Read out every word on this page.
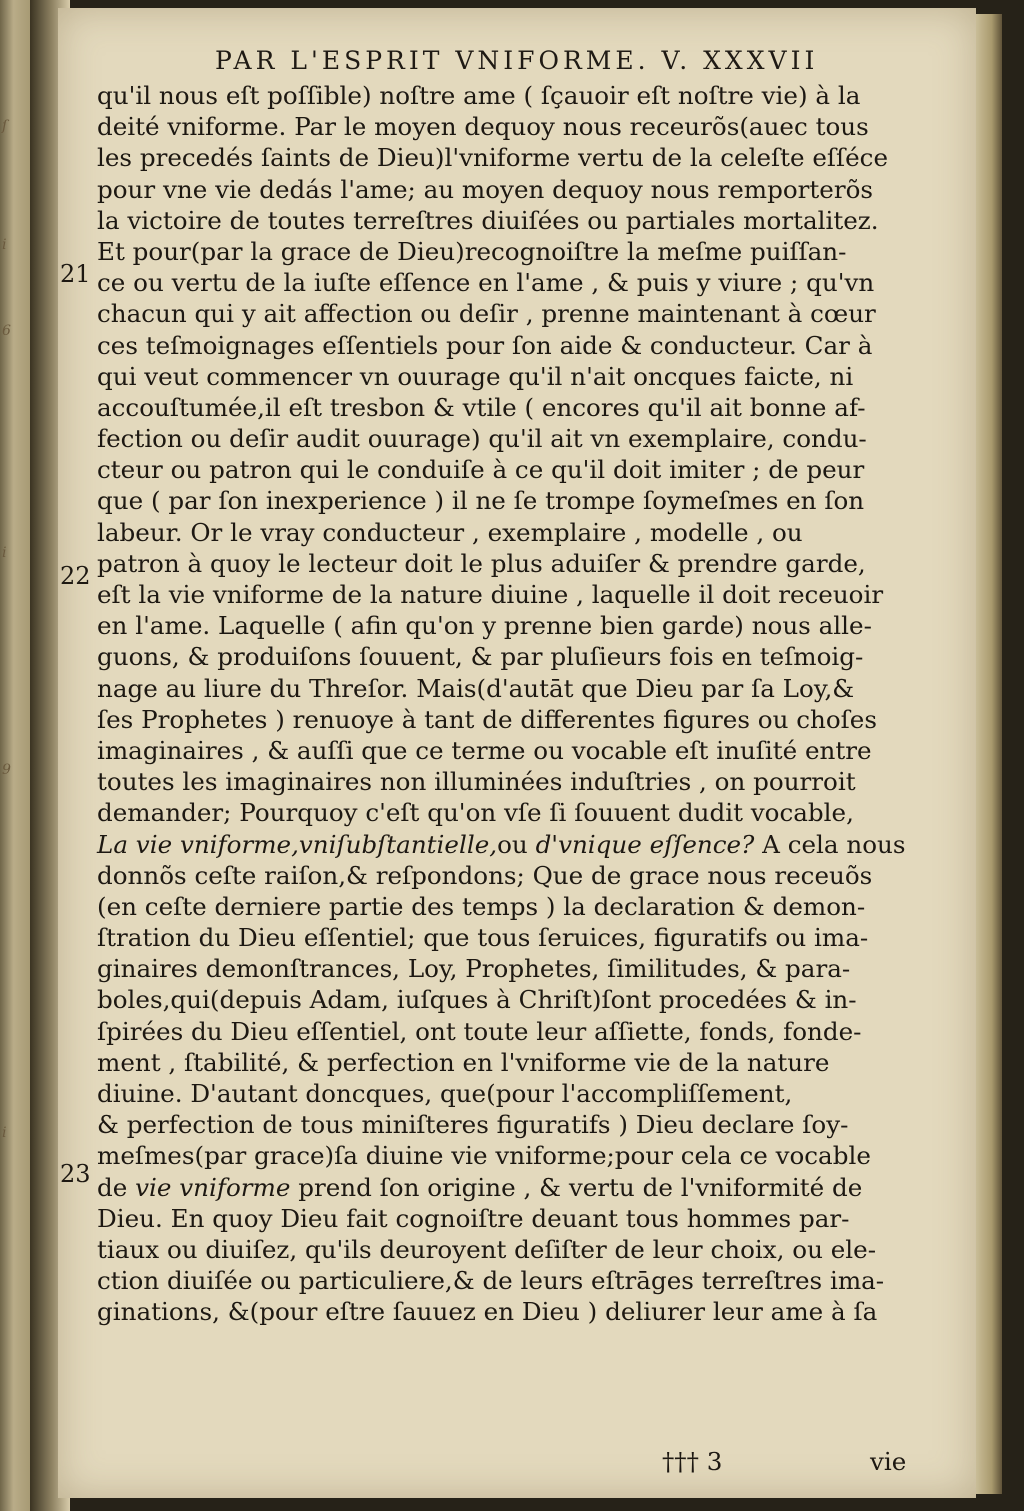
ſ
i
6
i
9
i
PAR L'ESPRIT VNIFORME. V. XXXVII
21
22
23
qu'il nous eſt poſſible) noſtre ame ( ſçauoir eſt noſtre vie) à la
deité vniforme. Par le moyen dequoy nous receurõs(auec tous
les precedés ſaints de Dieu)l'vniforme vertu de la celeſte eſſéce
pour vne vie dedás l'ame; au moyen dequoy nous remporterõs
la victoire de toutes terreſtres diuiſées ou partiales mortalitez.
Et pour(par la grace de Dieu)recognoiſtre la meſme puiſſan-
ce ou vertu de la iuſte eſſence en l'ame , & puis y viure ; qu'vn
chacun qui y ait affection ou deſir , prenne maintenant à cœur
ces teſmoignages eſſentiels pour ſon aide & conducteur. Car à
qui veut commencer vn ouurage qu'il n'ait oncques faicte, ni
accouſtumée,il eſt tresbon & vtile ( encores qu'il ait bonne af-
fection ou deſir audit ouurage) qu'il ait vn exemplaire, condu-
cteur ou patron qui le conduiſe à ce qu'il doit imiter ; de peur
que ( par ſon inexperience ) il ne ſe trompe ſoymeſmes en ſon
labeur. Or le vray conducteur , exemplaire , modelle , ou
patron à quoy le lecteur doit le plus aduiſer & prendre garde,
eſt la vie vniforme de la nature diuine , laquelle il doit receuoir
en l'ame. Laquelle ( afin qu'on y prenne bien garde) nous alle-
guons, & produiſons ſouuent, & par pluſieurs fois en teſmoig-
nage au liure du Threſor. Mais(d'autāt que Dieu par ſa Loy,&
ſes Prophetes ) renuoye à tant de differentes figures ou choſes
imaginaires , & auſſi que ce terme ou vocable eſt inuſité entre
toutes les imaginaires non illuminées induſtries , on pourroit
demander; Pourquoy c'eſt qu'on vſe ſi ſouuent dudit vocable,
La vie vniforme,vniſubſtantielle,ou d'vnique eſſence? A cela nous
donnõs ceſte raiſon,& reſpondons; Que de grace nous receuõs
(en ceſte derniere partie des temps ) la declaration & demon-
ſtration du Dieu eſſentiel; que tous ſeruices, figuratifs ou ima-
ginaires demonſtrances, Loy, Prophetes, ſimilitudes, & para-
boles,qui(depuis Adam, iuſques à Chriſt)ſont procedées & in-
ſpirées du Dieu eſſentiel, ont toute leur aſſiette, fonds, fonde-
ment , ſtabilité, & perfection en l'vniforme vie de la nature
diuine. D'autant doncques, que(pour l'accompliſſement,
& perfection de tous miniſteres figuratifs ) Dieu declare ſoy-
meſmes(par grace)ſa diuine vie vniforme;pour cela ce vocable
de vie vniforme prend ſon origine , & vertu de l'vniformité de
Dieu. En quoy Dieu fait cognoiſtre deuant tous hommes par-
tiaux ou diuiſez, qu'ils deuroyent deſiſter de leur choix, ou ele-
ction diuiſée ou particuliere,& de leurs eſtrāges terreſtres ima-
ginations, &(pour eſtre ſauuez en Dieu ) deliurer leur ame à ſa
††† 3	vie
